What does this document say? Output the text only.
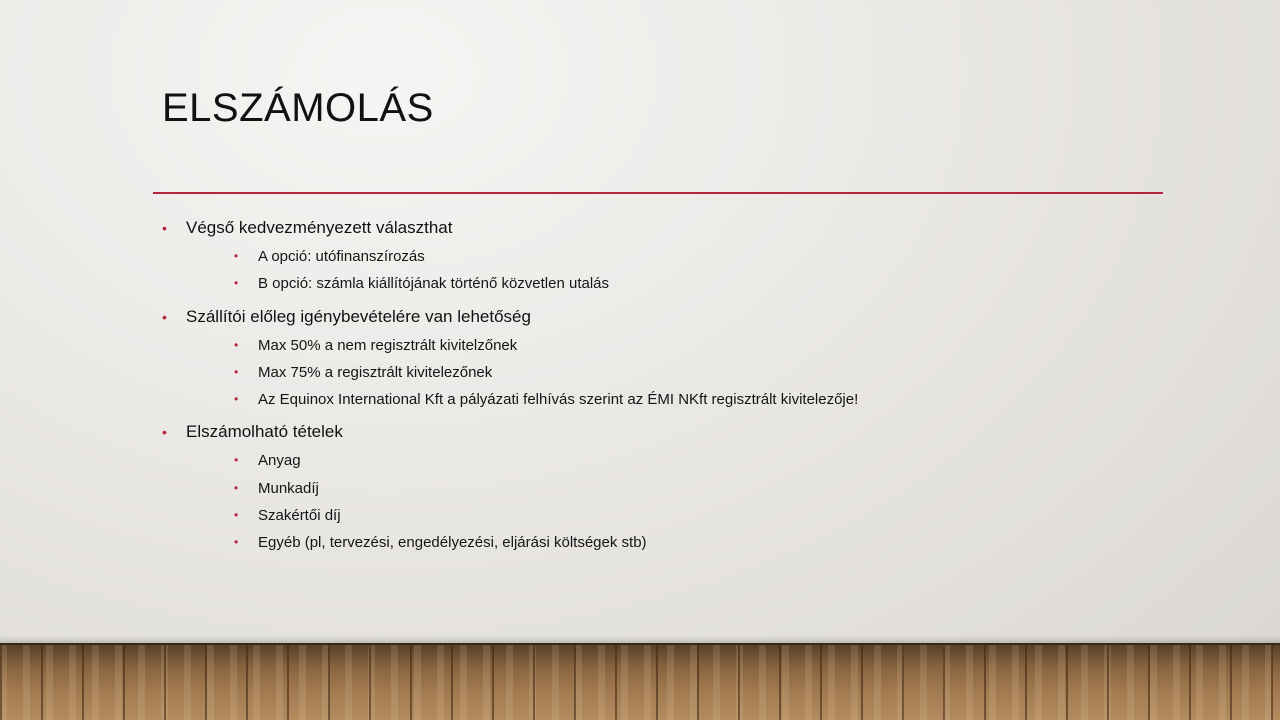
ELSZÁMOLÁS
• Végső kedvezményezett választhat
• A opció: utófinanszírozás
• B opció: számla kiállítójának történő közvetlen utalás
• Szállítói előleg igénybevételére van lehetőség
• Max 50% a nem regisztrált kivitelzőnek
• Max 75% a regisztrált kivitelezőnek
• Az Equinox International Kft a pályázati felhívás szerint az ÉMI NKft regisztrált kivitelezője!
• Elszámolható tételek
• Anyag
• Munkadíj
• Szakértői díj
• Egyéb (pl, tervezési, engedélyezési, eljárási költségek stb)
